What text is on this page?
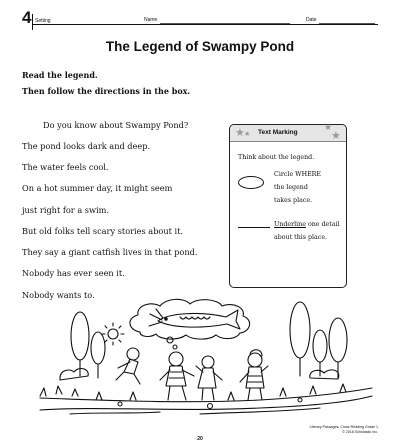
4 Setting	Name	Date
The Legend of Swampy Pond
Read the legend.
Then follow the directions in the box.
Do you know about Swampy Pond?
The pond looks dark and deep.
The water feels cool.
On a hot summer day, it might seem
just right for a swim.
But old folks tell scary stories about it.
They say a giant catfish lives in that pond.
Nobody has ever seen it.
Nobody wants to.
★ ★ Text Marking	★
★
Think about the legend.
Circle WHERE
the legend
takes place.
Underline one detail
about this place.
Literary Passages: Close Reading Grade 1
© 2016 Scholastic Inc.
20
